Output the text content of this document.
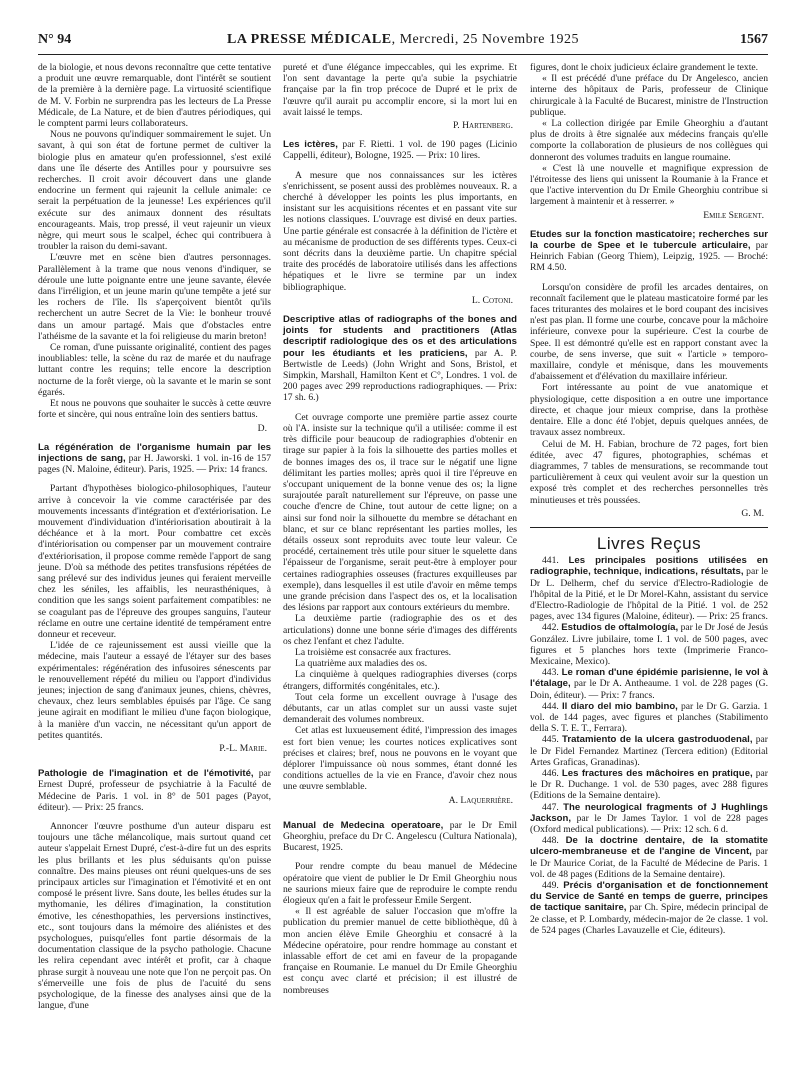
N° 94	LA PRESSE MÉDICALE, Mercredi, 25 Novembre 1925	1567

de la biologie, et nous devons reconnaître que cette tentative a produit une œuvre remarquable, dont l'intérêt se soutient de la première à la dernière page. La virtuosité scientifique de M. V. Forbin ne surprendra pas les lecteurs de La Presse Médicale, de La Nature, et de bien d'autres périodiques, qui le comptent parmi leurs collaborateurs.

Nous ne pouvons qu'indiquer sommairement le sujet. Un savant, à qui son état de fortune permet de cultiver la biologie plus en amateur qu'en professionnel, s'est exilé dans une île déserte des Antilles pour y poursuivre ses recherches. Il croit avoir découvert dans une glande endocrine un ferment qui rajeunit la cellule animale: ce serait la perpétuation de la jeunesse! Les expériences qu'il exécute sur des animaux donnent des résultats encourageants. Mais, trop pressé, il veut rajeunir un vieux nègre, qui meurt sous le scalpel, échec qui contribuera à troubler la raison du demi-savant.

L'œuvre met en scène bien d'autres personnages. Parallèlement à la trame que nous venons d'indiquer, se déroule une lutte poignante entre une jeune savante, élevée dans l'irréligion, et un jeune marin qu'une tempête a jeté sur les rochers de l'île. Ils s'aperçoivent bientôt qu'ils recherchent un autre Secret de la Vie: le bonheur trouvé dans un amour partagé. Mais que d'obstacles entre l'athéisme de la savante et la foi religieuse du marin breton!

Ce roman, d'une puissante originalité, contient des pages inoubliables: telle, la scène du raz de marée et du naufrage luttant contre les requins; telle encore la description nocturne de la forêt vierge, où la savante et le marin se sont égarés.

Et nous ne pouvons que souhaiter le succès à cette œuvre forte et sincère, qui nous entraîne loin des sentiers battus.

D.

La régénération de l'organisme humain par les injections de sang, par H. Jaworski. 1 vol. in-16 de 157 pages (N. Maloine, éditeur). Paris, 1925. — Prix: 14 francs.

Partant d'hypothèses biologico-philosophiques, l'auteur arrive à concevoir la vie comme caractérisée par des mouvements incessants d'intégration et d'extériorisation. Le mouvement d'individuation d'intériorisation aboutirait à la déchéance et à la mort. Pour combattre cet excès d'intériorisation ou compenser par un mouvement contraire d'extériorisation, il propose comme remède l'apport de sang jeune. D'où sa méthode des petites transfusions répétées de sang prélevé sur des individus jeunes qui feraient merveille chez les séniles, les affaiblis, les neurasthéniques, à condition que les sangs soient parfaitement compatibles: ne se coagulant pas de l'épreuve des groupes sanguins, l'auteur réclame en outre une certaine identité de tempérament entre donneur et receveur.

L'idée de ce rajeunissement est aussi vieille que la médecine, mais l'auteur a essayé de l'étayer sur des bases expérimentales: régénération des infusoires sénescents par le renouvellement répété du milieu ou l'apport d'individus jeunes; injection de sang d'animaux jeunes, chiens, chèvres, chevaux, chez leurs semblables épuisés par l'âge. Ce sang jeune agirait en modifiant le milieu d'une façon biologique, à la manière d'un vaccin, ne nécessitant qu'un apport de petites quantités.

P.-L. Marie.

Pathologie de l'imagination et de l'émotivité, par Ernest Dupré, professeur de psychiatrie à la Faculté de Médecine de Paris. 1 vol. in 8° de 501 pages (Payot, éditeur). — Prix: 25 francs.

Annoncer l'œuvre posthume d'un auteur disparu est toujours une tâche mélancolique, mais surtout quand cet auteur s'appelait Ernest Dupré, c'est-à-dire fut un des esprits les plus brillants et les plus séduisants qu'on puisse connaître. Des mains pieuses ont réuni quelques-uns de ses principaux articles sur l'imagination et l'émotivité et en ont composé le présent livre. Sans doute, les belles études sur la mythomanie, les délires d'imagination, la constitution émotive, les cénesthopathies, les perversions instinctives, etc., sont toujours dans la mémoire des aliénistes et des psychologues, puisqu'elles font partie désormais de la documentation classique de la psycho pathologie. Chacune les relira cependant avec intérêt et profit, car à chaque phrase surgit à nouveau une note que l'on ne perçoit pas. On s'émerveille une fois de plus de l'acuité du sens psychologique, de la finesse des analyses ainsi que de la langue, d'une

pureté et d'une élégance impeccables, qui les exprime. Et l'on sent davantage la perte qu'a subie la psychiatrie française par la fin trop précoce de Dupré et le prix de l'œuvre qu'il aurait pu accomplir encore, si la mort lui en avait laissé le temps.

P. Hartenberg.

Les ictères, par F. Rietti. 1 vol. de 190 pages (Licinio Cappelli, éditeur), Bologne, 1925. — Prix: 10 lires.

A mesure que nos connaissances sur les ictères s'enrichissent, se posent aussi des problèmes nouveaux. R. a cherché à développer les points les plus importants, en insistant sur les acquisitions récentes et en passant vite sur les notions classiques. L'ouvrage est divisé en deux parties. Une partie générale est consacrée à la définition de l'ictère et au mécanisme de production de ses différents types. Ceux-ci sont décrits dans la deuxième partie. Un chapitre spécial traite des procédés de laboratoire utilisés dans les affections hépatiques et le livre se termine par un index bibliographique.

L. Cotoni.

Descriptive atlas of radiographs of the bones and joints for students and practitioners (Atlas descriptif radiologique des os et des articulations pour les étudiants et les praticiens, par A. P. Bertwistle de Leeds) (John Wright and Sons, Bristol, et Simpkin, Marshall, Hamilton Kent et C°, Londres. 1 vol. de 200 pages avec 299 reproductions radiographiques. — Prix: 17 sh. 6.)

Cet ouvrage comporte une première partie assez courte où l'A. insiste sur la technique qu'il a utilisée: comme il est très difficile pour beaucoup de radiographies d'obtenir en tirage sur papier à la fois la silhouette des parties molles et de bonnes images des os, il trace sur le négatif une ligne délimitant les parties molles; après quoi il tire l'épreuve en s'occupant uniquement de la bonne venue des os; la ligne surajoutée paraît naturellement sur l'épreuve, on passe une couche d'encre de Chine, tout autour de cette ligne; on a ainsi sur fond noir la silhouette du membre se détachant en blanc, et sur ce blanc représentant les parties molles, les détails osseux sont reproduits avec toute leur valeur. Ce procédé, certainement très utile pour situer le squelette dans l'épaisseur de l'organisme, serait peut-être à employer pour certaines radiographies osseuses (fractures exquilleuses par exemple), dans lesquelles il est utile d'avoir en même temps une grande précision dans l'aspect des os, et la localisation des lésions par rapport aux contours extérieurs du membre.

La deuxième partie (radiographie des os et des articulations) donne une bonne série d'images des différents os chez l'enfant et chez l'adulte.

La troisième est consacrée aux fractures.

La quatrième aux maladies des os.

La cinquième à quelques radiographies diverses (corps étrangers, difformités congénitales, etc.).

Tout cela forme un excellent ouvrage à l'usage des débutants, car un atlas complet sur un aussi vaste sujet demanderait des volumes nombreux.

Cet atlas est luxueusement édité, l'impression des images est fort bien venue; les courtes notices explicatives sont précises et claires; bref, nous ne pouvons en le voyant que déplorer l'impuissance où nous sommes, étant donné les conditions actuelles de la vie en France, d'avoir chez nous une œuvre semblable.

A. Laquerrière.

Manual de Medecina operatoare, par le Dr Emil Gheorghiu, preface du Dr C. Angelescu (Cultura Nationala), Bucarest, 1925.

Pour rendre compte du beau manuel de Médecine opératoire que vient de publier le Dr Emil Gheorghiu nous ne saurions mieux faire que de reproduire le compte rendu élogieux qu'en a fait le professeur Emile Sergent.

« Il est agréable de saluer l'occasion que m'offre la publication du premier manuel de cette bibliothèque, dû à mon ancien élève Emile Gheorghiu et consacré à la Médecine opératoire, pour rendre hommage au constant et inlassable effort de cet ami en faveur de la propagande française en Roumanie. Le manuel du Dr Emile Gheorghiu est conçu avec clarté et précision; il est illustré de nombreuses

figures, dont le choix judicieux éclaire grandement le texte.

« Il est précédé d'une préface du Dr Angelesco, ancien interne des hôpitaux de Paris, professeur de Clinique chirurgicale à la Faculté de Bucarest, ministre de l'Instruction publique.

« La collection dirigée par Emile Gheorghiu a d'autant plus de droits à être signalée aux médecins français qu'elle comporte la collaboration de plusieurs de nos collègues qui donneront des volumes traduits en langue roumaine.

« C'est là une nouvelle et magnifique expression de l'étroitesse des liens qui unissent la Roumanie à la France et que l'active intervention du Dr Emile Gheorghiu contribue si largement à maintenir et à resserrer. »

Emile Sergent.

Etudes sur la fonction masticatoire; recherches sur la courbe de Spee et le tubercule articulaire, par Heinrich Fabian (Georg Thiem), Leipzig, 1925. — Broché: RM 4.50.

Lorsqu'on considère de profil les arcades dentaires, on reconnaît facilement que le plateau masticatoire formé par les faces triturantes des molaires et le bord coupant des incisives n'est pas plan. Il forme une courbe, concave pour la mâchoire inférieure, convexe pour la supérieure. C'est la courbe de Spee. Il est démontré qu'elle est en rapport constant avec la courbe, de sens inverse, que suit « l'article » temporo-maxillaire, condyle et ménisque, dans les mouvements d'abaissement et d'élévation du maxillaire inférieur.

Fort intéressante au point de vue anatomique et physiologique, cette disposition a en outre une importance directe, et chaque jour mieux comprise, dans la prothèse dentaire. Elle a donc été l'objet, depuis quelques années, de travaux assez nombreux.

Celui de M. H. Fabian, brochure de 72 pages, fort bien éditée, avec 47 figures, photographies, schémas et diagrammes, 7 tables de mensurations, se recommande tout particulièrement à ceux qui veulent avoir sur la question un exposé très complet et des recherches personnelles très minutieuses et très poussées.

G. M.
Livres Reçus

441. Les principales positions utilisées en radiographie, technique, indications, résultats, par le Dr L. Delherm, chef du service d'Electro-Radiologie de l'hôpital de la Pitié, et le Dr Morel-Kahn, assistant du service d'Electro-Radiologie de l'hôpital de la Pitié. 1 vol. de 252 pages, avec 134 figures (Maloine, éditeur). — Prix: 25 francs.

442. Estudios de oftalmología, par le Dr José de Jesús González. Livre jubilaire, tome I. 1 vol. de 500 pages, avec figures et 5 planches hors texte (Imprimerie Franco-Mexicaine, Mexico).

443. Le roman d'une épidémie parisienne, le vol à l'étalage, par le Dr A. Antheaume. 1 vol. de 228 pages (G. Doin, éditeur). — Prix: 7 francs.

444. Il diaro del mio bambino, par le Dr G. Garzia. 1 vol. de 144 pages, avec figures et planches (Stabilimento della S. T. E. T., Ferrara).

445. Tratamiento de la ulcera gastroduodenal, par le Dr Fidel Fernandez Martinez (Tercera edition) (Editorial Artes Graficas, Granadinas).

446. Les fractures des mâchoires en pratique, par le Dr R. Duchange. 1 vol. de 530 pages, avec 288 figures (Editions de la Semaine dentaire).

447. The neurological fragments of J Hughlings Jackson, par le Dr James Taylor. 1 vol de 228 pages (Oxford medical publications). — Prix: 12 sch. 6 d.

448. De la doctrine dentaire, de la stomatite ulcero-membraneuse et de l'angine de Vincent, par le Dr Maurice Coriat, de la Faculté de Médecine de Paris. 1 vol. de 48 pages (Editions de la Semaine dentaire).

449. Précis d'organisation et de fonctionnement du Service de Santé en temps de guerre, principes de tactique sanitaire, par Ch. Spire, médecin principal de 2e classe, et P. Lombardy, médecin-major de 2e classe. 1 vol. de 524 pages (Charles Lavauzelle et Cie, éditeurs).
